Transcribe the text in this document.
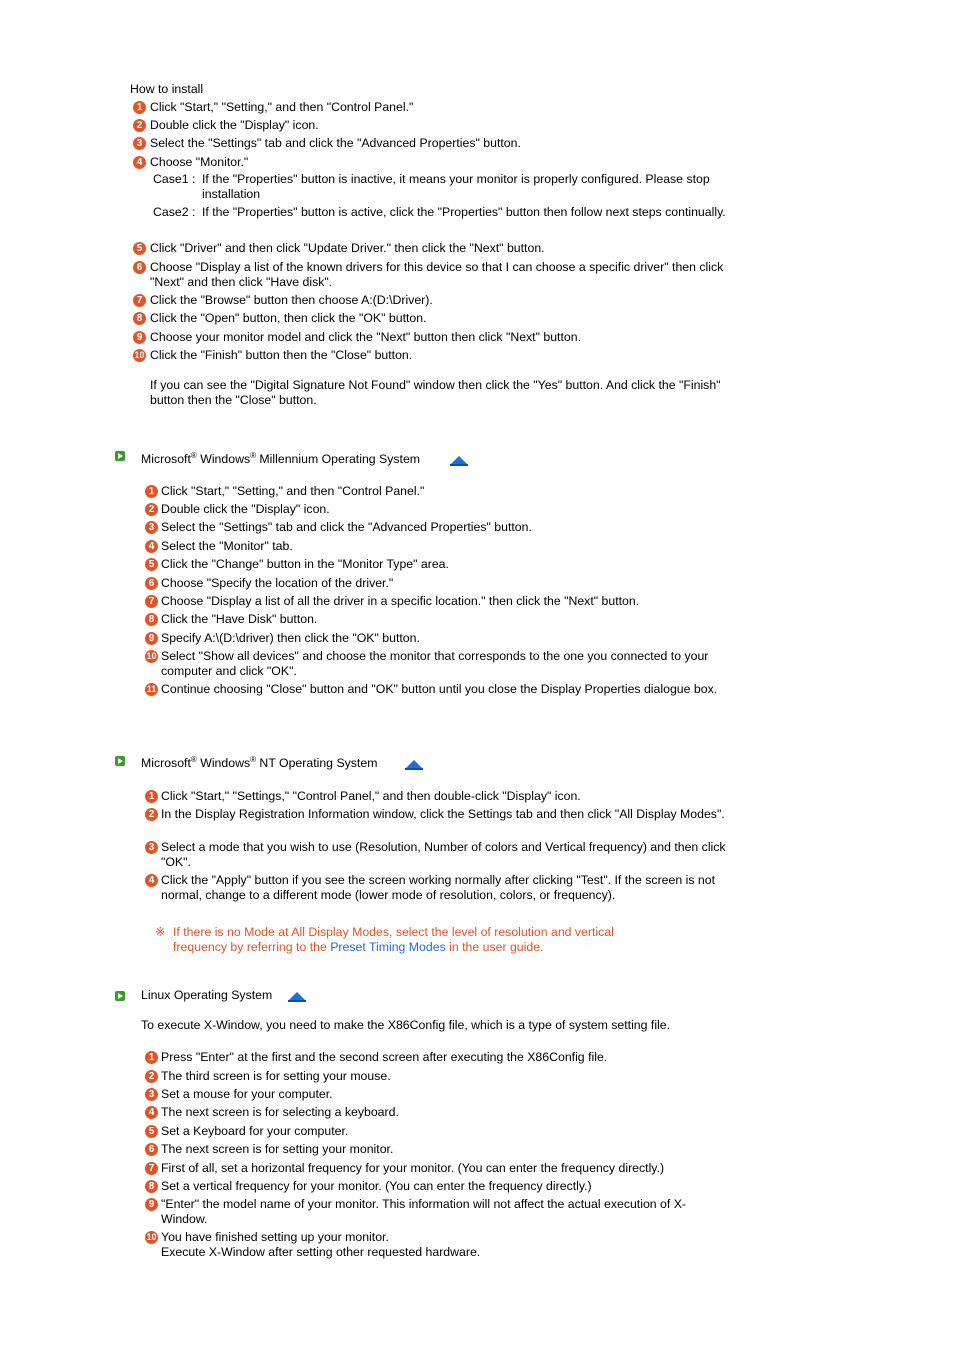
How to install
1 Click "Start," "Setting," and then "Control Panel."
2 Double click the "Display" icon.
3 Select the "Settings" tab and click the "Advanced Properties" button.
4 Choose "Monitor."
Case1 : If the "Properties" button is inactive, it means your monitor is properly configured. Please stop installation
Case2 : If the "Properties" button is active, click the "Properties" button then follow next steps continually.
5 Click "Driver" and then click "Update Driver." then click the "Next" button.
6 Choose "Display a list of the known drivers for this device so that I can choose a specific driver" then click "Next" and then click "Have disk".
7 Click the "Browse" button then choose A:(D:\Driver).
8 Click the "Open" button, then click the "OK" button.
9 Choose your monitor model and click the "Next" button then click "Next" button.
10 Click the "Finish" button then the "Close" button.
If you can see the "Digital Signature Not Found" window then click the "Yes" button. And click the "Finish" button then the "Close" button.
Microsoft® Windows® Millennium Operating System
1 Click "Start," "Setting," and then "Control Panel."
2 Double click the "Display" icon.
3 Select the "Settings" tab and click the "Advanced Properties" button.
4 Select the "Monitor" tab.
5 Click the "Change" button in the "Monitor Type" area.
6 Choose "Specify the location of the driver."
7 Choose "Display a list of all the driver in a specific location." then click the "Next" button.
8 Click the "Have Disk" button.
9 Specify A:\(D:\driver) then click the "OK" button.
10 Select "Show all devices" and choose the monitor that corresponds to the one you connected to your computer and click "OK".
11 Continue choosing "Close" button and "OK" button until you close the Display Properties dialogue box.
Microsoft® Windows® NT Operating System
1 Click "Start," "Settings," "Control Panel," and then double-click "Display" icon.
2 In the Display Registration Information window, click the Settings tab and then click "All Display Modes".
3 Select a mode that you wish to use (Resolution, Number of colors and Vertical frequency) and then click "OK".
4 Click the "Apply" button if you see the screen working normally after clicking "Test". If the screen is not normal, change to a different mode (lower mode of resolution, colors, or frequency).
※ If there is no Mode at All Display Modes, select the level of resolution and vertical
frequency by referring to the Preset Timing Modes in the user guide.
Linux Operating System
To execute X-Window, you need to make the X86Config file, which is a type of system setting file.
1 Press "Enter" at the first and the second screen after executing the X86Config file.
2 The third screen is for setting your mouse.
3 Set a mouse for your computer.
4 The next screen is for selecting a keyboard.
5 Set a Keyboard for your computer.
6 The next screen is for setting your monitor.
7 First of all, set a horizontal frequency for your monitor. (You can enter the frequency directly.)
8 Set a vertical frequency for your monitor. (You can enter the frequency directly.)
9 "Enter" the model name of your monitor. This information will not affect the actual execution of X-Window.
10 You have finished setting up your monitor.
Execute X-Window after setting other requested hardware.
